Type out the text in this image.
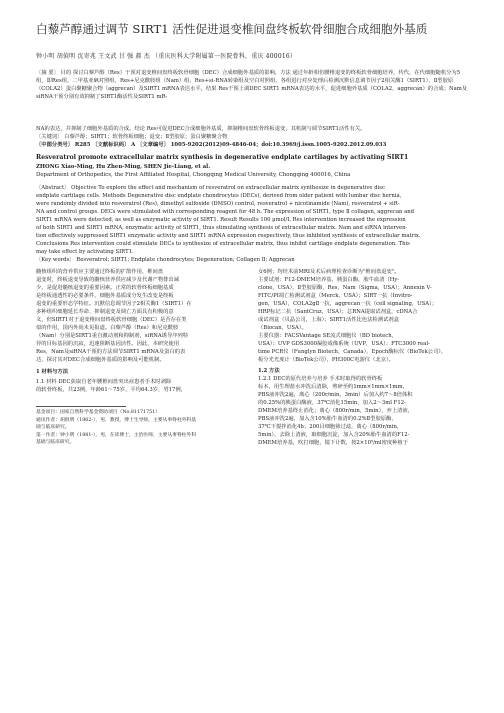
白藜芦醇通过调节 SIRT1 活性促进退变椎间盘终板软骨细胞合成细胞外基质
钟小明 胡偵明 沈寄兆 王文武 甘 强 郝 杰 （重庆医科大学附属第一医院骨科，重庆 400016）
〔摘 要〕 目的 探讨白藜芦醇（Res）干预对退变椎间盘终板软骨细胞（DEC）合成细胞外基质的影响，方法 通过年龄相仿腰椎退变的终板软骨细胞培养，传代，在代细胞随机分为5组，即Res组，二甲基亚砜对照组，Res+尼克酰胺组（Nam）组，Res+si-RNA转染组及空白对照组，各组进行对应处理后检测沉默信息调节因子2相关酶1（SIRT1），Ⅱ型胶原（COLA2）蛋白聚糖聚合物（aggrecan）及SIRT1 mRNA表达水平。结果 Res干预上调DEC SIRT1 mRNA表达的水平，促进细胞外基质（COLA2，aggrecan）的合成；Nam及siRNA干预分别有效抑制了SIRT1酶活性及SIRT1 mR-
NA的表达，并抑制了细胞外基质的合成。结论 Res可促进DEC合成细胞外基质，抑制椎间盘软骨终板退变，其机制与调节SIRT1活性有关。
〔关键词〕 白藜芦醇；SIRT1；软骨终板细胞；退变；Ⅱ型胶原；蛋白聚糖聚合物
〔中图分类号〕 R285 〔文献标识码〕 A 〔文章编号〕 1005-9202(2012)09-4846-04；doi:10.3969/j.issn.1005-9202.2012.09.033
Resveratrol promote extracellular matrix synthesis in degenerative endplate cartilages by activating SIRT1
ZHONG Xiao-Ming, Hu Zhen-Ming, SHEN Jie-Liang, et al.
Department of Orthopedics, the First Affiliated Hospital, Chongqing Medical University, Chongqing 400016, China
〔Abstract〕 Objective To explore the effect and mechanism of resveratrol on extracellular matrix synthesize in degenerative disc
endplate cartilage cells. Methods Degenerative disc endplate chondrocytes (DECs), derived from older patient with lumbar disc hernia,
were randomly divided into resveratrol (Res), dimethyl sulfoxide (DMSO) control, resveratrol + nicotinamide (Nam), resveratrol + siR-
NA and control groups. DECs were stimulated with corresponding reagent for 48 h. The expression of SIRT1, type Ⅱ collagen, aggrecan and
SIRT1 mRNA were detected, as well as enzymatic activity of SIRT1. Result Results 100 μmol/L Res intervention increased the expression
of both SIRT1 and SIRT1 mRNA, enzymatic activity of SIRT1, thus stimulating synthesis of extracellular matrix. Nam and siRNA interven-
tion effectively suppressed SIRT1 enzymatic activity and SIRT1 mRNA expression respectively, thus inhibited synthesis of extracellular matrix.
Conclusions Res intervention could stimulate DECs to synthesize of extracellular matrix, thus inhibit cartilage endplate degeneration. This
may take effect by activating SIRT1.
〔Key words〕 Resveratrol; SIRT1; Endplate chondrocytes; Degeneration; Collagen Ⅱ; Aggrecan
髓核组织的营养供应主要通过终板的扩散作用，椎间盘
退变时，终板退变导致的髓核营养供应减少及代谢产物排出减
少，是促进髓核退变的重要因素。正常的软骨终板细胞基质
是终板通透性的必要条件，细胞外基质成分发生改变是终板
退变的重要形态学特征。沉默信息调节因子2相关酶1（SIRT1）在
多种组织细胞延长寿命、抑制退变及调亡方面具有积极的意
义，但SIRT1对于退变椎间盘终板软骨细胞（DEC）是否存在类
似的作用，国内外尚未见报道。白藜芦醇（Res）和尼克酰胺
（Nam）分别是SIRT1重自激动剂和抑制剂，siRNA诱导序列特
异的目标基因的沉寂，迅速阻断基因活性。因此，本研究使用
Res，Nam及siRNA干预的方法调节SIRT1 mRNA及蛋白的表
达，探讨其对DEC合成细胞外基质的影响及可能机制。
1 材料与方法
1.1 材料 DEC获取自老年腰椎间盘突出症患者手术时剥除
的软骨终板，共23例，年龄61～75岁，平均64.3岁，男17例，
基金项目：国家自然科学基金资助项目（No.81171751）
通讯作者：胡偵明（1962-），男，教授，博士生导师，主要从事脊柱外科基
础与临床研究。
第一作者：钟小明（1981-），男，在读博士，主治医师，主要从事脊柱外科
基础与临床研究。
女6例；均经术前MRI及术后病理检查诊断为"椎间盘退变"。
主要试剂：F12-DMEM培养基，胰蛋白酶，胎牛血清（Hy-
clone，USA），Ⅱ型胶原酶，Res，Nam（Sigma，USA）；Annexin V-
FITC/PI凋亡检测试剂盒（Merck，USA）；SIRT一抗（Invitro-
gen，USA），COLA2gⅡ一抗，aggrecan一抗（cell signaling，USA）；
HRP标记二抗（SantCruz，USA）；总RNA提取试剂盒，cDNA合
成试剂盒（贝晶公司，上海）；SIRT1活性比色法检测试剂盒
（Biocan，USA）。
主要仪器：FACSVantage SE流式细胞仪（BD biotech，
USA）；UVP GDS3000凝胶成像系统（UVP，USA）；FTC3000 real-
time PCR仪（Funglyn Biotech，Canada），Epoch酶标仪（BioTek公司），
板分光光度计（BioTek公司），PH300C电游仪（北京）。
1.2 方法
1.2.1 DEC的原代培养与培养 手术时取得的软骨终板
标本，用生理盐水冲洗后清除，剪碎至约1mm×1mm×1mm，
PBS液冲洗2遍，离心（200r/min，3min）后加入约7～8倍体积
的0.25%的胰蛋白酶液，37℃消化15min，加入2～3ml F12-
DMEM培养基终止消化；离心（800r/min，5min），弃上清液，
PBS液冲洗2遍，加入含10%胎牛血清的0.2%Ⅱ型胶原酶，
37℃下搅拌消化4h；200目细胞筛过滤，离心（800r/min，
5min），去除上清液，取细胞沉淀，加入含20%胎牛血清的F12-
DMEM培养基，吹打细胞，镜下计数，按2×10⁵/ml密度种植于
